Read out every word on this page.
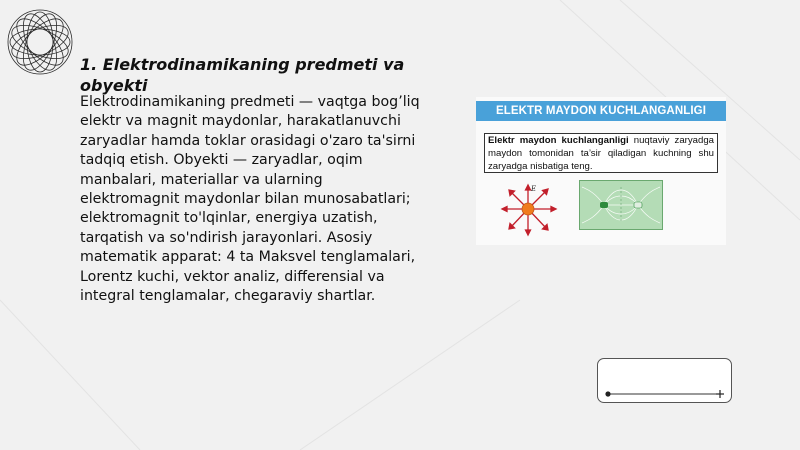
1. Elektrodinamikaning predmeti va obyekti

Elektrodinamikaning predmeti — vaqtga bog’liq elektr va magnit maydonlar, harakatlanuvchi zaryadlar hamda toklar orasidagi o'zaro ta'sirni tadqiq etish. Obyekti — zaryadlar, oqim manbalari, materiallar va ularning elektromagnit maydonlar bilan munosabatlari; elektromagnit to'lqinlar, energiya uzatish, tarqatish va so'ndirish jarayonlari. Asosiy matematik apparat: 4 ta Maksvel tenglamalari, Lorentz kuchi, vektor analiz, differensial va integral tenglamalar, chegaraviy shartlar.

ELEKTR MAYDON KUCHLANGANLIGI
Elektr maydon kuchlanganligi nuqtaviy zaryadga maydon tomonidan ta’sir qiladigan kuchning shu zaryadga nisbatiga teng.
E
